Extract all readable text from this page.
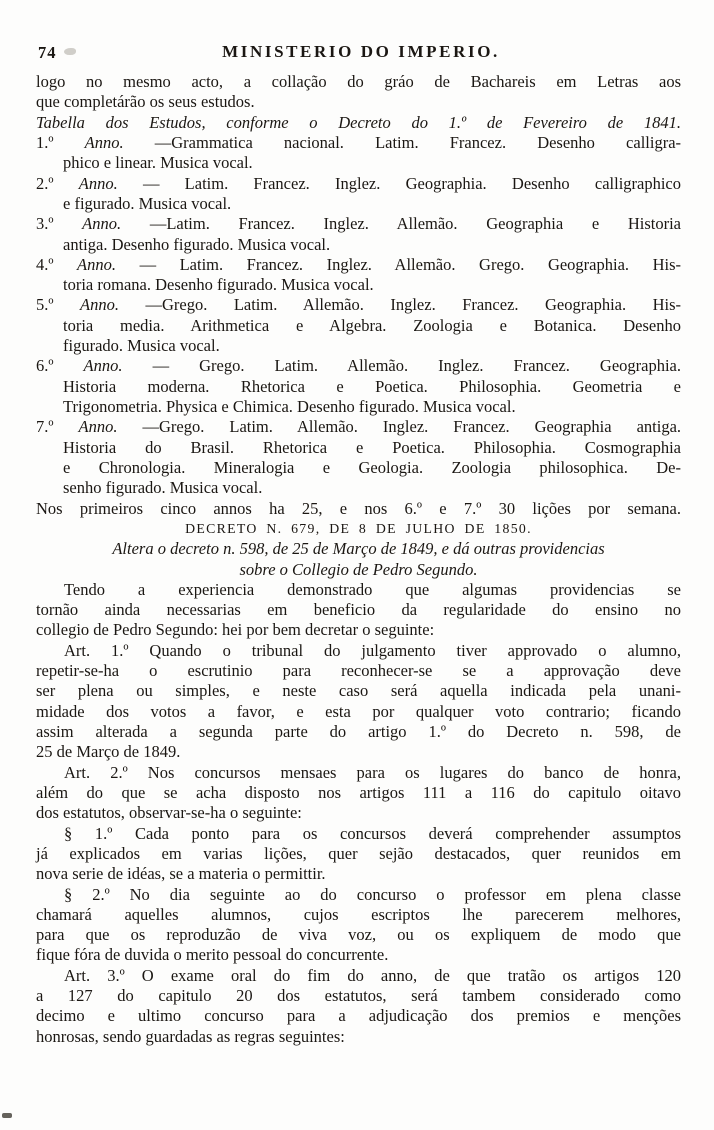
74	MINISTERIO DO IMPERIO.
logo no mesmo acto, a collação do gráo de Bachareis em Letras aos
que completárão os seus estudos.
Tabella dos Estudos, conforme o Decreto do 1.º de Fevereiro de 1841.
1.º Anno. —Grammatica nacional. Latim. Francez. Desenho calligra-
phico e linear. Musica vocal.
2.º Anno. — Latim. Francez. Inglez. Geographia. Desenho calligraphico
e figurado. Musica vocal.
3.º Anno. —Latim. Francez. Inglez. Allemão. Geographia e Historia
antiga. Desenho figurado. Musica vocal.
4.º Anno. — Latim. Francez. Inglez. Allemão. Grego. Geographia. His-
toria romana. Desenho figurado. Musica vocal.
5.º Anno. —Grego. Latim. Allemão. Inglez. Francez. Geographia. His-
toria media. Arithmetica e Algebra. Zoologia e Botanica. Desenho
figurado. Musica vocal.
6.º Anno. — Grego. Latim. Allemão. Inglez. Francez. Geographia.
Historia moderna. Rhetorica e Poetica. Philosophia. Geometria e
Trigonometria. Physica e Chimica. Desenho figurado. Musica vocal.
7.º Anno. —Grego. Latim. Allemão. Inglez. Francez. Geographia antiga.
Historia do Brasil. Rhetorica e Poetica. Philosophia. Cosmographia
e Chronologia. Mineralogia e Geologia. Zoologia philosophica. De-
senho figurado. Musica vocal.
Nos primeiros cinco annos ha 25, e nos 6.º e 7.º 30 lições por semana.
DECRETO N. 679, DE 8 DE JULHO DE 1850.
Altera o decreto n. 598, de 25 de Março de 1849, e dá outras providencias
sobre o Collegio de Pedro Segundo.
Tendo a experiencia demonstrado que algumas providencias se
tornão ainda necessarias em beneficio da regularidade do ensino no
collegio de Pedro Segundo: hei por bem decretar o seguinte:
Art. 1.º Quando o tribunal do julgamento tiver approvado o alumno,
repetir-se-ha o escrutinio para reconhecer-se se a approvação deve
ser plena ou simples, e neste caso será aquella indicada pela unani-
midade dos votos a favor, e esta por qualquer voto contrario; ficando
assim alterada a segunda parte do artigo 1.º do Decreto n. 598, de
25 de Março de 1849.
Art. 2.º Nos concursos mensaes para os lugares do banco de honra,
além do que se acha disposto nos artigos 111 a 116 do capitulo oitavo
dos estatutos, observar-se-ha o seguinte:
§ 1.º Cada ponto para os concursos deverá comprehender assumptos
já explicados em varias lições, quer sejão destacados, quer reunidos em
nova serie de idéas, se a materia o permittir.
§ 2.º No dia seguinte ao do concurso o professor em plena classe
chamará aquelles alumnos, cujos escriptos lhe parecerem melhores,
para que os reproduzão de viva voz, ou os expliquem de modo que
fique fóra de duvida o merito pessoal do concurrente.
Art. 3.º O exame oral do fim do anno, de que tratão os artigos 120
a 127 do capitulo 20 dos estatutos, será tambem considerado como
decimo e ultimo concurso para a adjudicação dos premios e menções
honrosas, sendo guardadas as regras seguintes:
